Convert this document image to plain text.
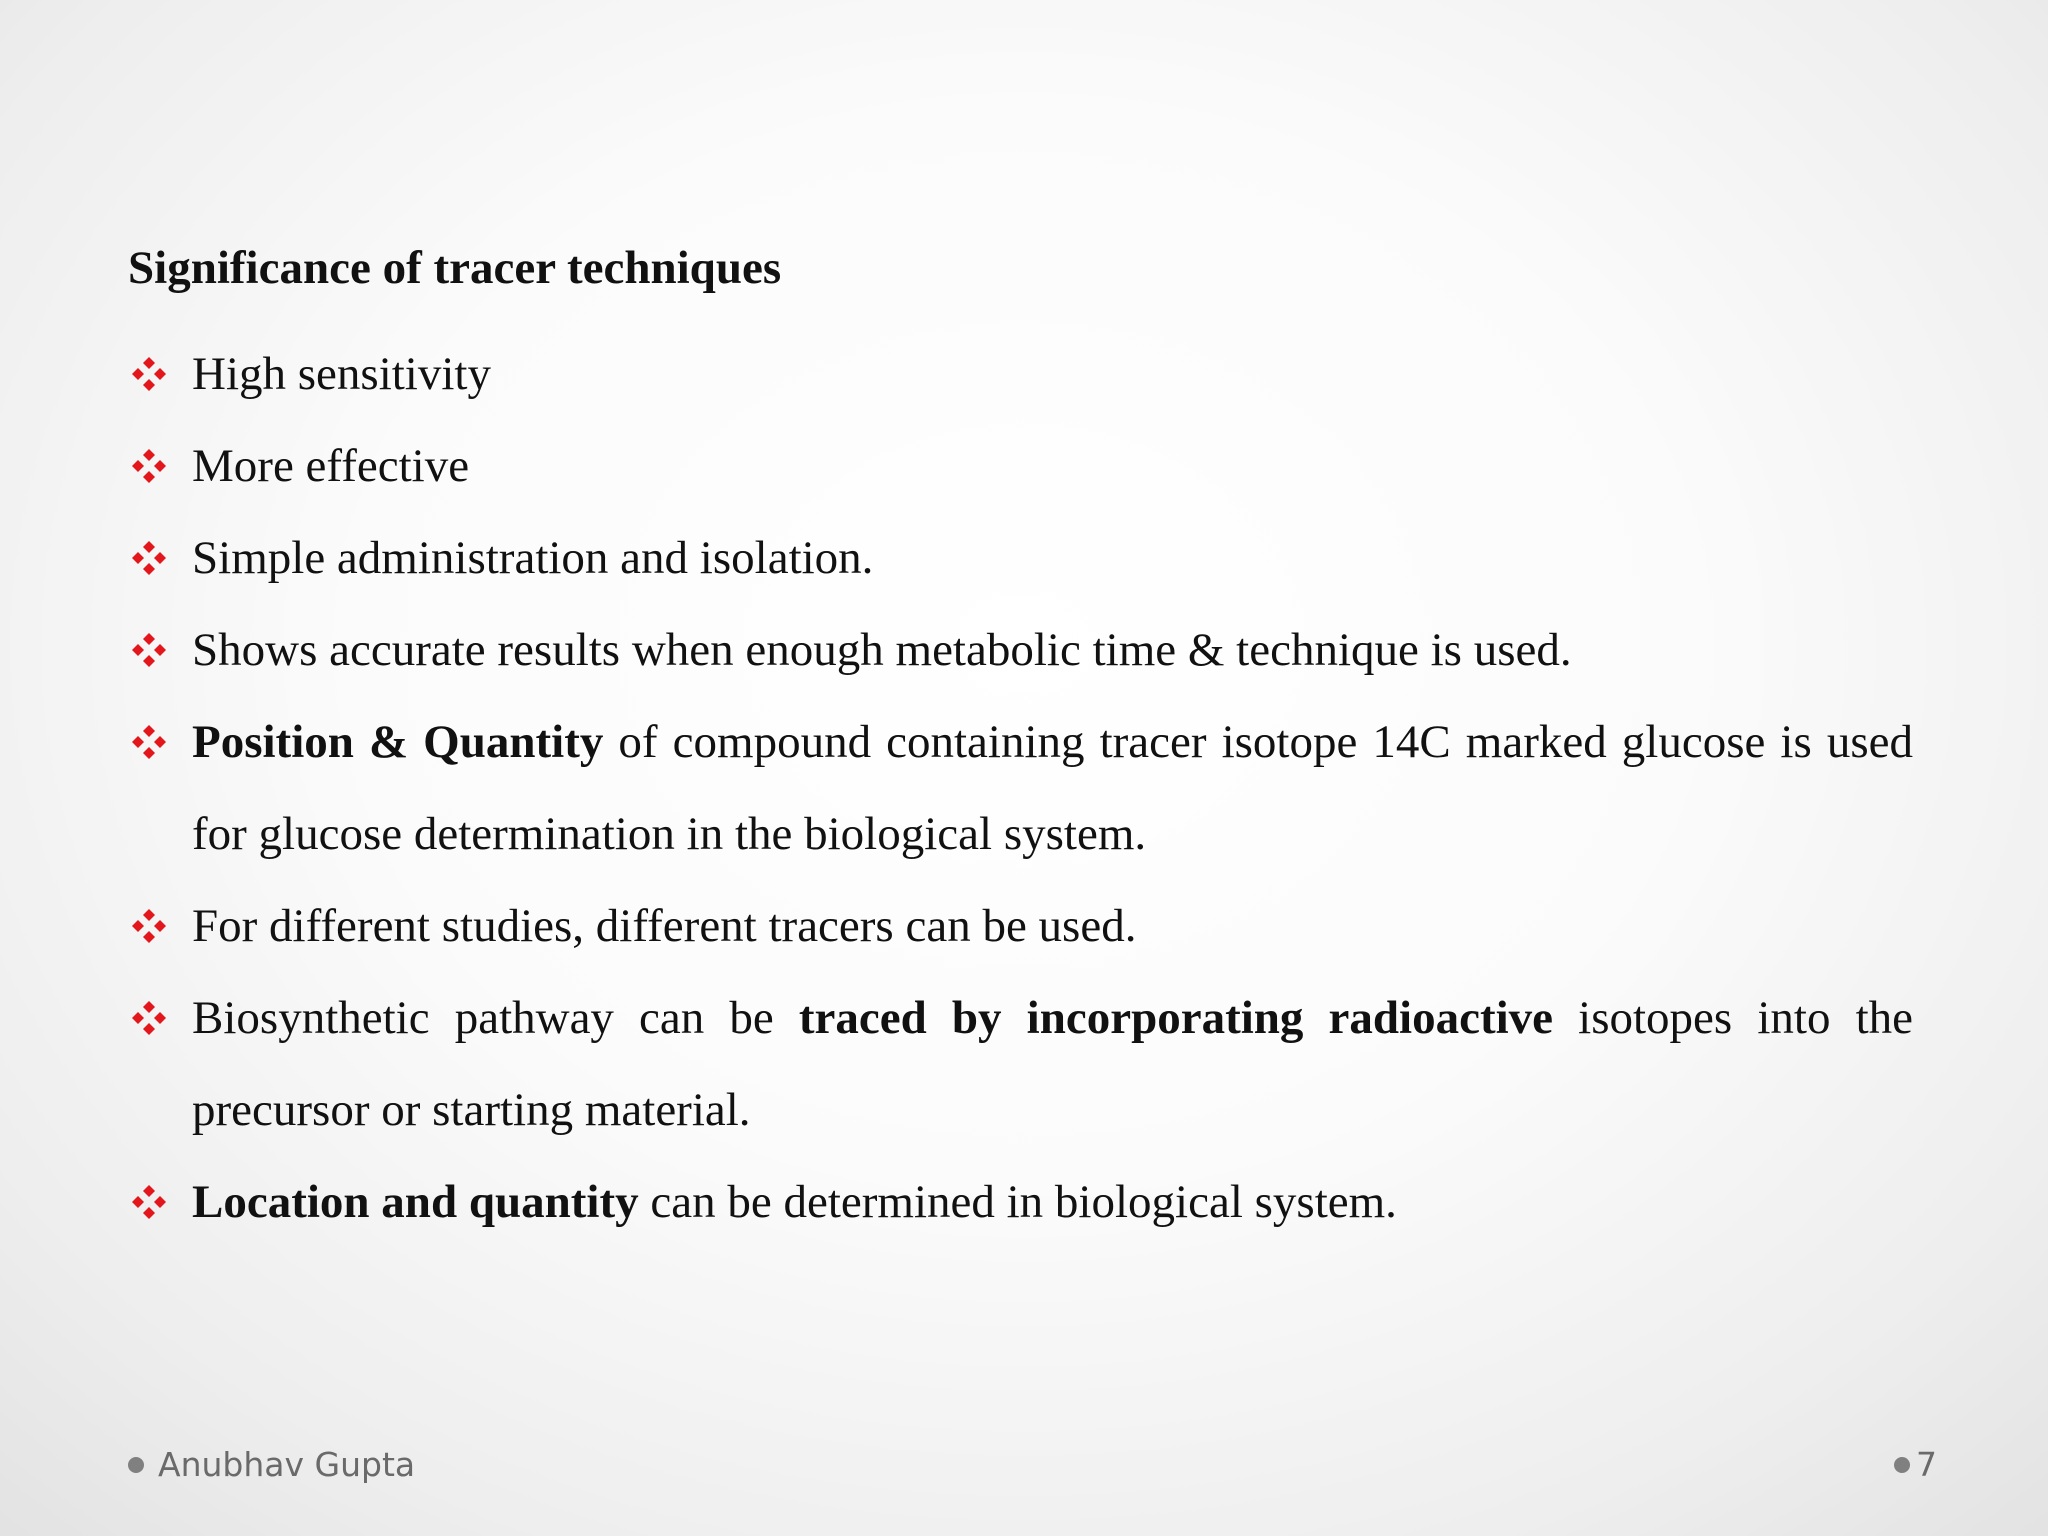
Significance of tracer techniques
High sensitivity
More effective
Simple administration and isolation.
Shows accurate results when enough metabolic time & technique is used.
Position & Quantity of compound containing tracer isotope 14C marked glucose is used for glucose determination in the biological system.
For different studies, different tracers can be used.
Biosynthetic pathway can be traced by incorporating radioactive isotopes into the precursor or starting material.
Location and quantity can be determined in biological system.
Anubhav Gupta	7
